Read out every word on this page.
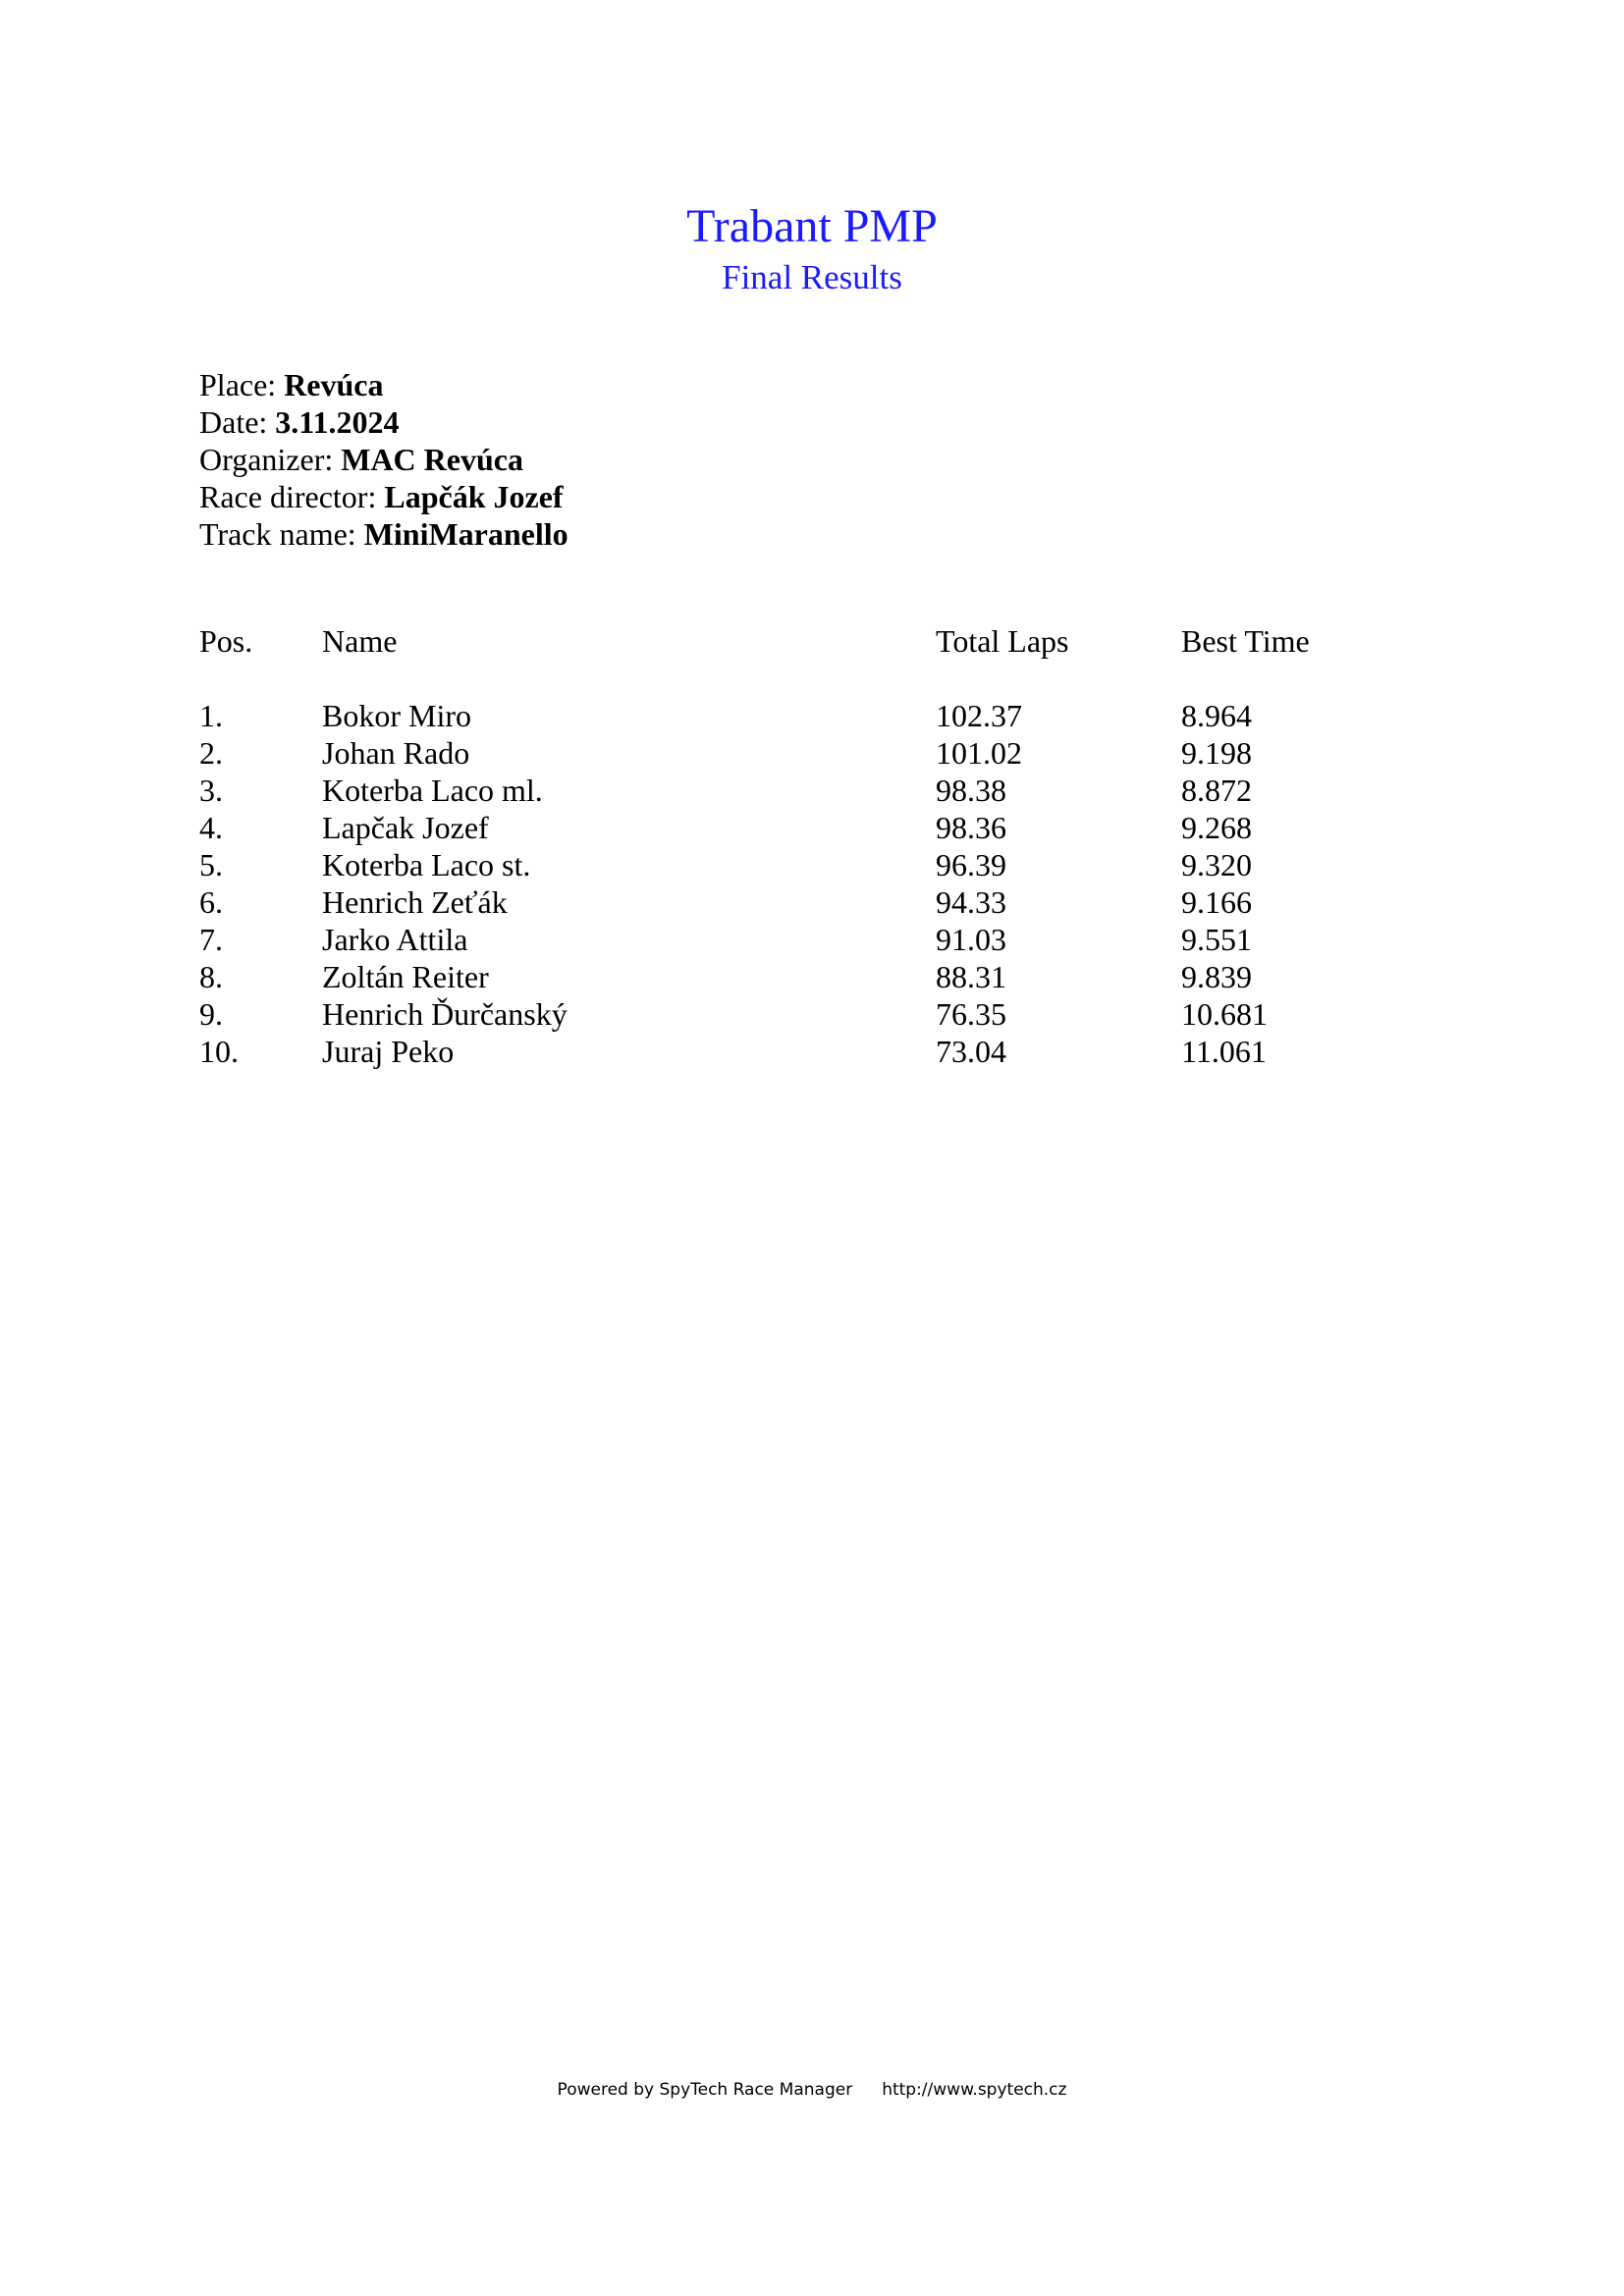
Trabant PMP
Final Results
Place: Revúca
Date: 3.11.2024
Organizer: MAC Revúca
Race director: Lapčák Jozef
Track name: MiniMaranello
Pos. Name	Total Laps	Best Time
1.	Bokor Miro	102.37	8.964
2.	Johan Rado	101.02	9.198
3.	Koterba Laco ml.	98.38	8.872
4.	Lapčak Jozef	98.36	9.268
5.	Koterba Laco st.	96.39	9.320
6.	Henrich Zeťák	94.33	9.166
7.	Jarko Attila	91.03	9.551
8.	Zoltán Reiter	88.31	9.839
9.	Henrich Ďurčanský	76.35	10.681
10.	Juraj Peko	73.04	11.061
Powered by SpyTech Race Manager http://www.spytech.cz
